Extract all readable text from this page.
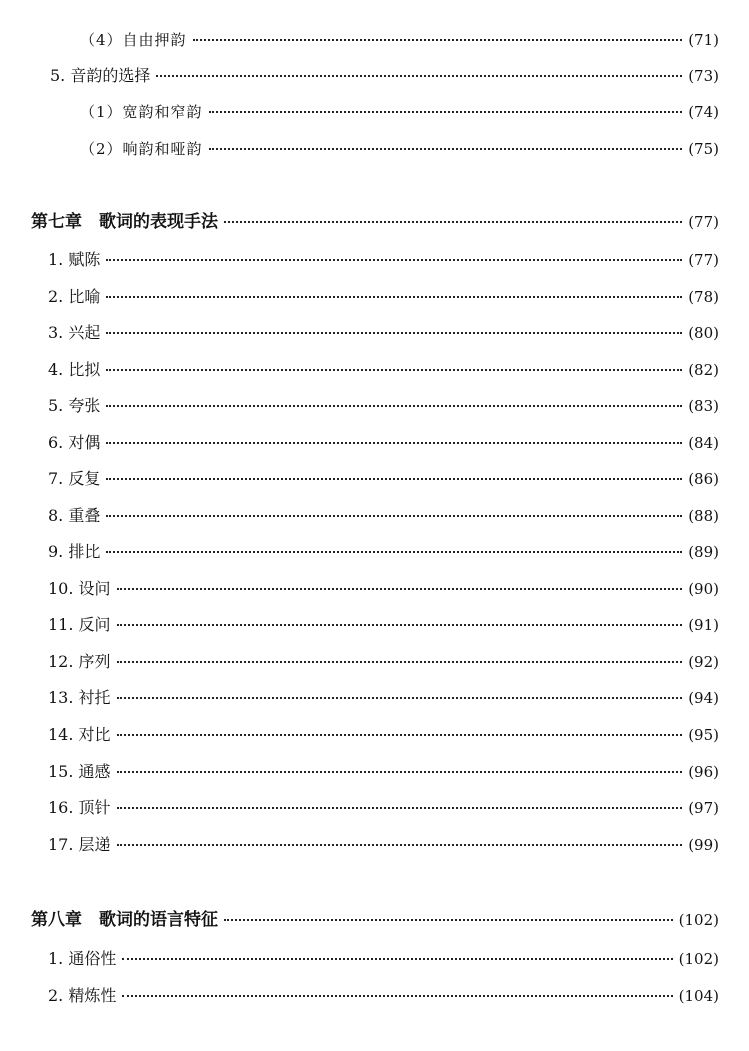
（4）自由押韵	(71)
5. 音韵的选择	(73)
（1）宽韵和窄韵	(74)
（2）响韵和哑韵	(75)
第七章　歌词的表现手法	(77)
1. 赋陈	(77)
2. 比喻	(78)
3. 兴起	(80)
4. 比拟	(82)
5. 夸张	(83)
6. 对偶	(84)
7. 反复	(86)
8. 重叠	(88)
9. 排比	(89)
10. 设问	(90)
11. 反问	(91)
12. 序列	(92)
13. 衬托	(94)
14. 对比	(95)
15. 通感	(96)
16. 顶针	(97)
17. 层递	(99)
第八章　歌词的语言特征	(102)
1. 通俗性	(102)
2. 精炼性	(104)
